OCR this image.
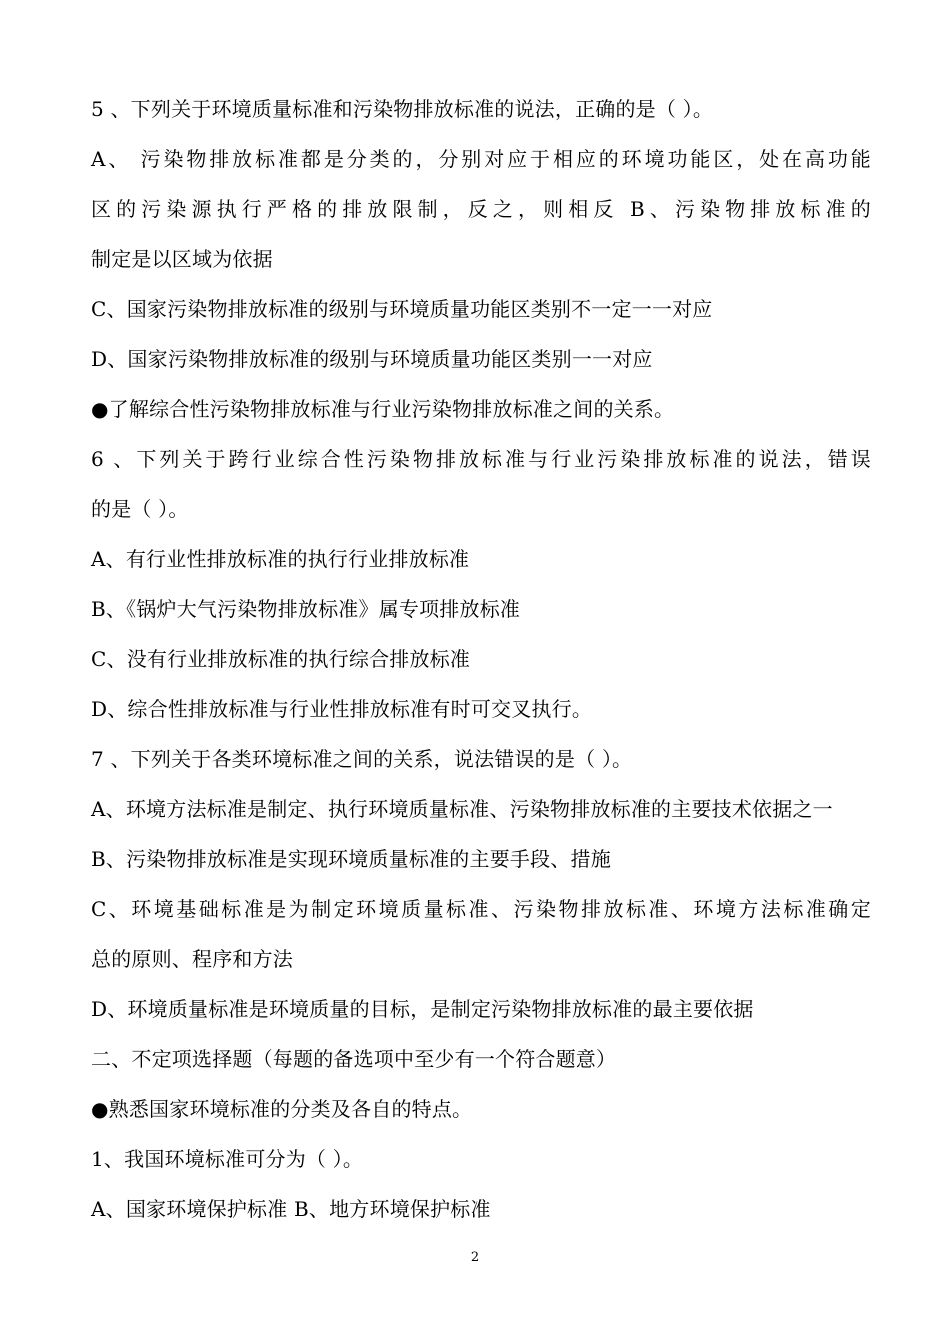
5 、下列关于环境质量标准和污染物排放标准的说法，正确的是（ ）。
A、 污染物排放标准都是分类的，分别对应于相应的环境功能区，处在高功能
区的污染源执行严格的排放限制，反之，则相反 B、污染物排放标准的
制定是以区域为依据
C、国家污染物排放标准的级别与环境质量功能区类别不一定一一对应
D、国家污染物排放标准的级别与环境质量功能区类别一一对应
●了解综合性污染物排放标准与行业污染物排放标准之间的关系。
6 、下列关于跨行业综合性污染物排放标准与行业污染排放标准的说法，错误
的是（ ）。
A、有行业性排放标准的执行行业排放标准
B、《锅炉大气污染物排放标准》属专项排放标准
C、没有行业排放标准的执行综合排放标准
D、综合性排放标准与行业性排放标准有时可交叉执行。
7 、下列关于各类环境标准之间的关系，说法错误的是（ ）。
A、环境方法标准是制定、执行环境质量标准、污染物排放标准的主要技术依据之一
B、污染物排放标准是实现环境质量标准的主要手段、措施
C、环境基础标准是为制定环境质量标准、污染物排放标准、环境方法标准确定
总的原则、程序和方法
D、环境质量标准是环境质量的目标，是制定污染物排放标准的最主要依据
二、不定项选择题（每题的备选项中至少有一个符合题意）
●熟悉国家环境标准的分类及各自的特点。
1、我国环境标准可分为（ ）。
A、国家环境保护标准 B、地方环境保护标准
2
